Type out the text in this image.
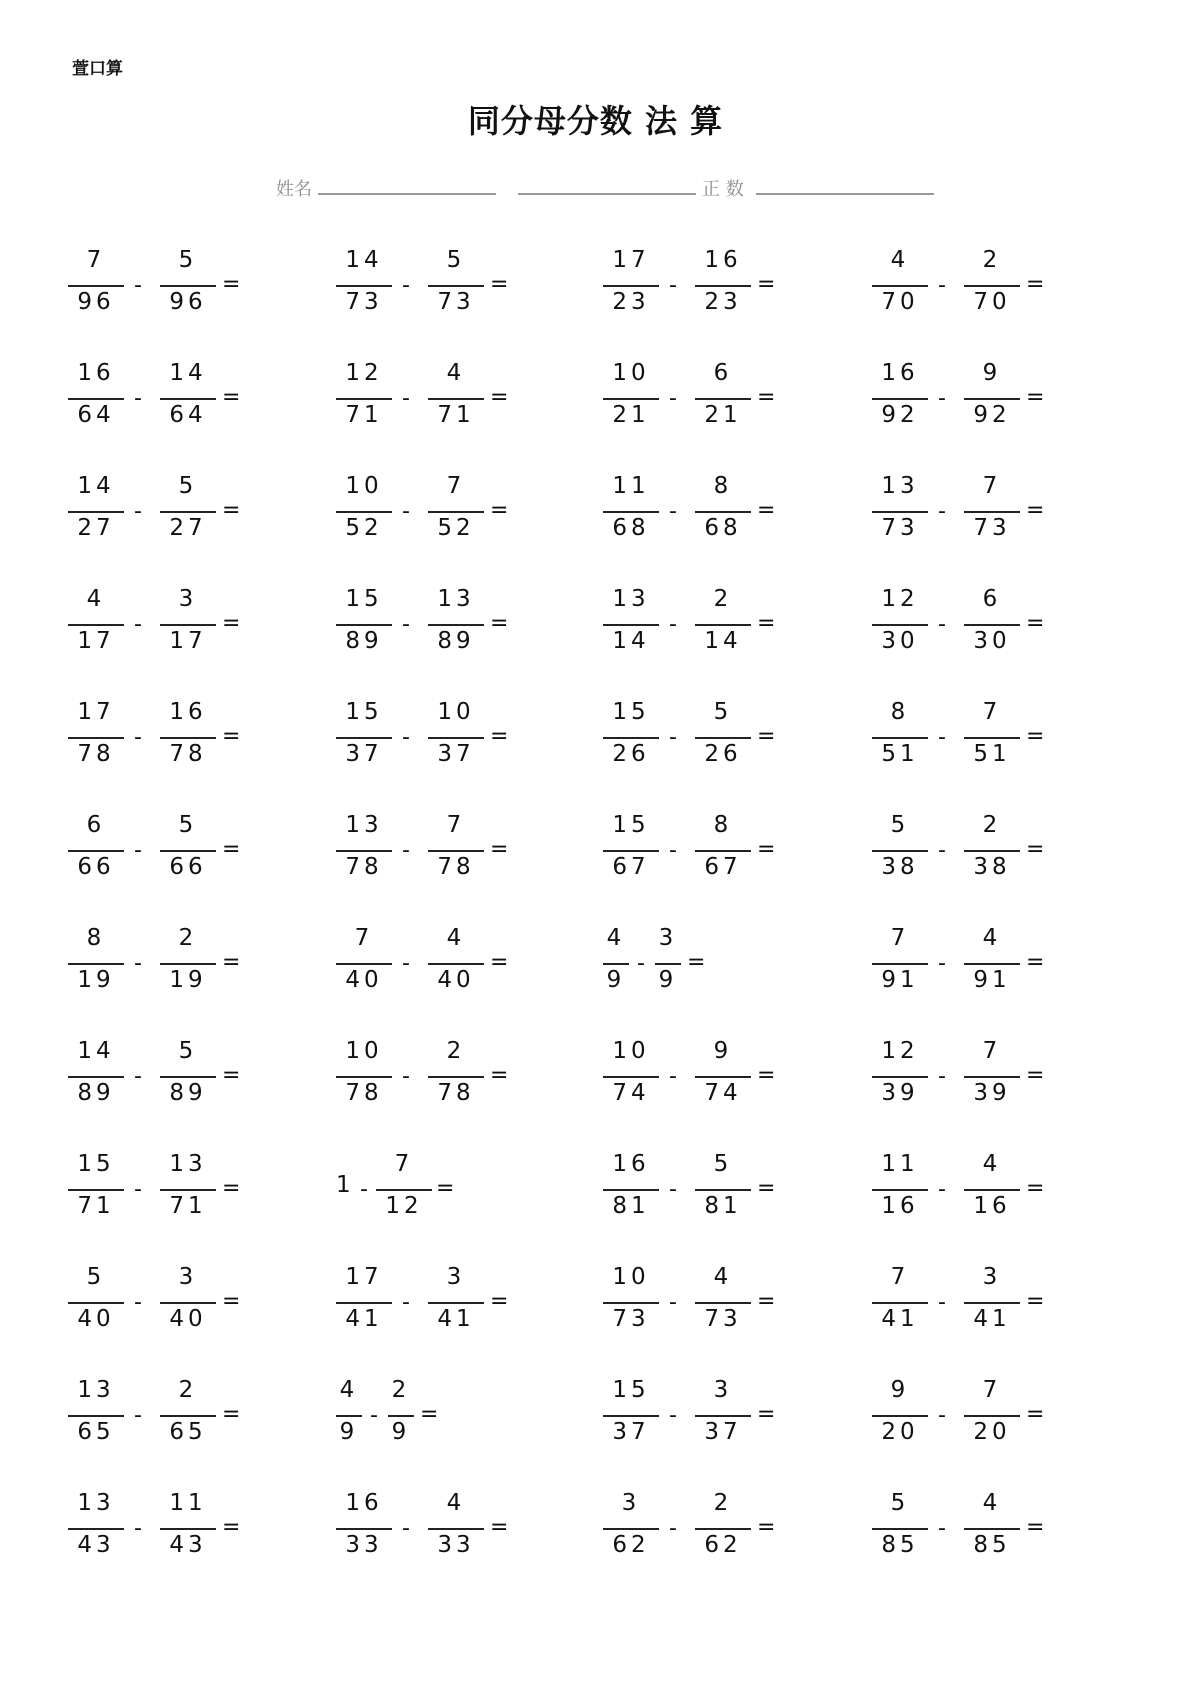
萱口算
同分母分数 法 算
姓名	正 数
7
96
-
5
96
=
14
73
-
5
73
=
17
23
-
16
23
=
4
70
-
2
70
=
16
64
-
14
64
=
12
71
-
4
71
=
10
21
-
6
21
=
16
92
-
9
92
=
14
27
-
5
27
=
10
52
-
7
52
=
11
68
-
8
68
=
13
73
-
7
73
=
4
17
-
3
17
=
15
89
-
13
89
=
13
14
-
2
14
=
12
30
-
6
30
=
17
78
-
16
78
=
15
37
-
10
37
=
15
26
-
5
26
=
8
51
-
7
51
=
6
66
-
5
66
=
13
78
-
7
78
=
15
67
-
8
67
=
5
38
-
2
38
=
8
19
-
2
19
=
7
40
-
4
40
=
4
9
-
3
9
=
7
91
-
4
91
=
14
89
-
5
89
=
10
78
-
2
78
=
10
74
-
9
74
=
12
39
-
7
39
=
15
71
-
13
71
=	1 -
7
12
=
16
81
-
5
81
=
11
16
-
4
16
=
5
40
-
3
40
=
17
41
-
3
41
=
10
73
-
4
73
=
7
41
-
3
41
=
13
65
-
2
65
=
4
9
-
2
9
=
15
37
-
3
37
=
9
20
-
7
20
=
13
43
-
11
43
=
16
33
-
4
33
=
3
62
-
2
62
=
5
85
-
4
85
=
